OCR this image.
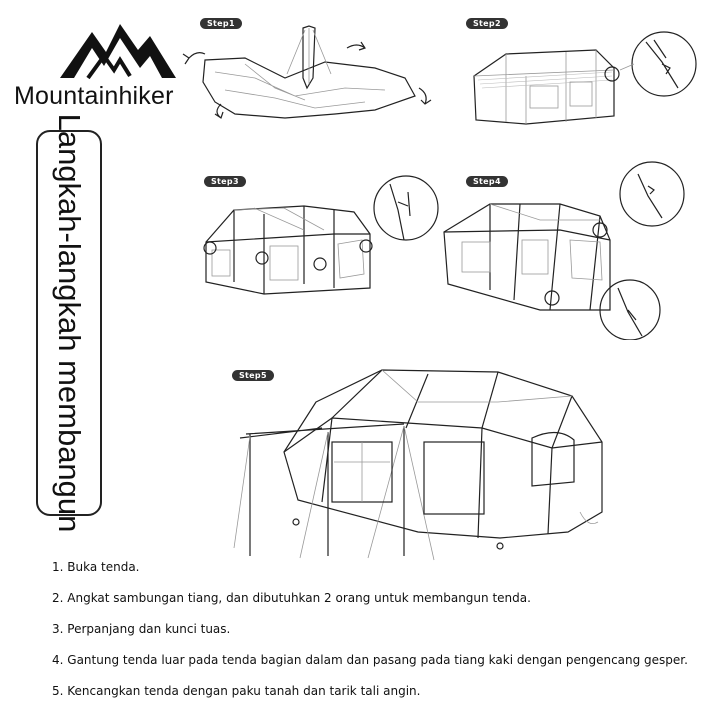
Mountainhiker
Langkah-langkah membangun
Step1	Step2
Step3	Step4
Step5
1. Buka tenda.
2. Angkat sambungan tiang, dan dibutuhkan 2 orang untuk membangun tenda.
3. Perpanjang dan kunci tuas.
4. Gantung tenda luar pada tenda bagian dalam dan pasang pada tiang kaki dengan pengencang gesper.
5. Kencangkan tenda dengan paku tanah dan tarik tali angin.
